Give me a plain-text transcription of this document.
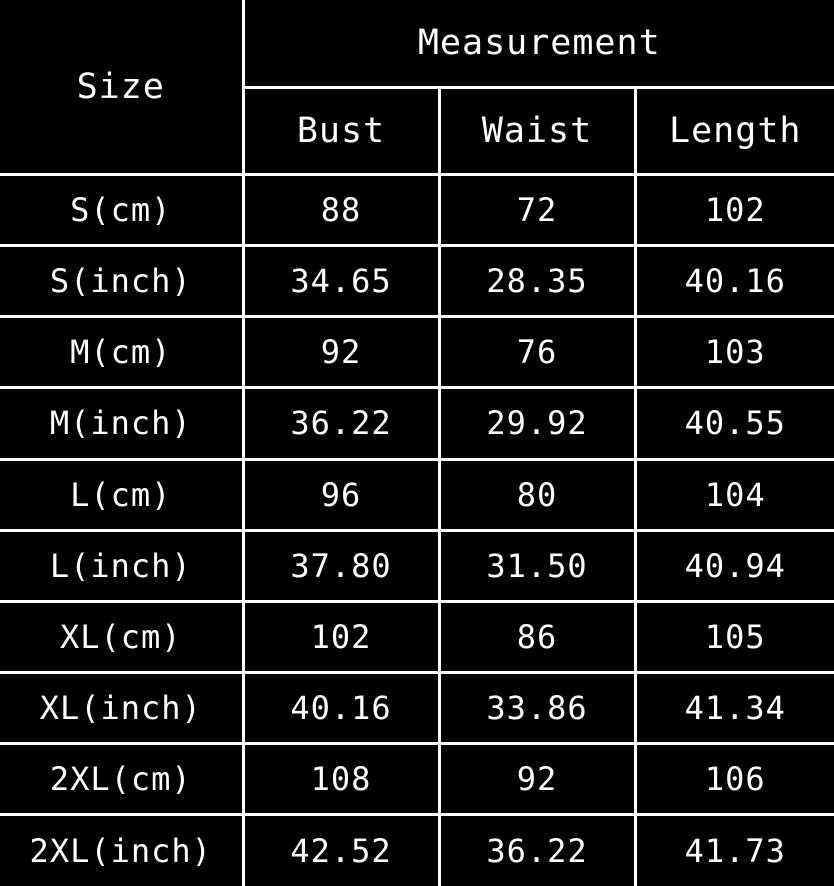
Size	Measurement		
	Bust	Waist	Length
S(cm)	88	72	102
S(inch)	34.65	28.35	40.16
M(cm)	92	76	103
M(inch)	36.22	29.92	40.55
L(cm)	96	80	104
L(inch)	37.80	31.50	40.94
XL(cm)	102	86	105
XL(inch)	40.16	33.86	41.34
2XL(cm)	108	92	106
2XL(inch)	42.52	36.22	41.73
